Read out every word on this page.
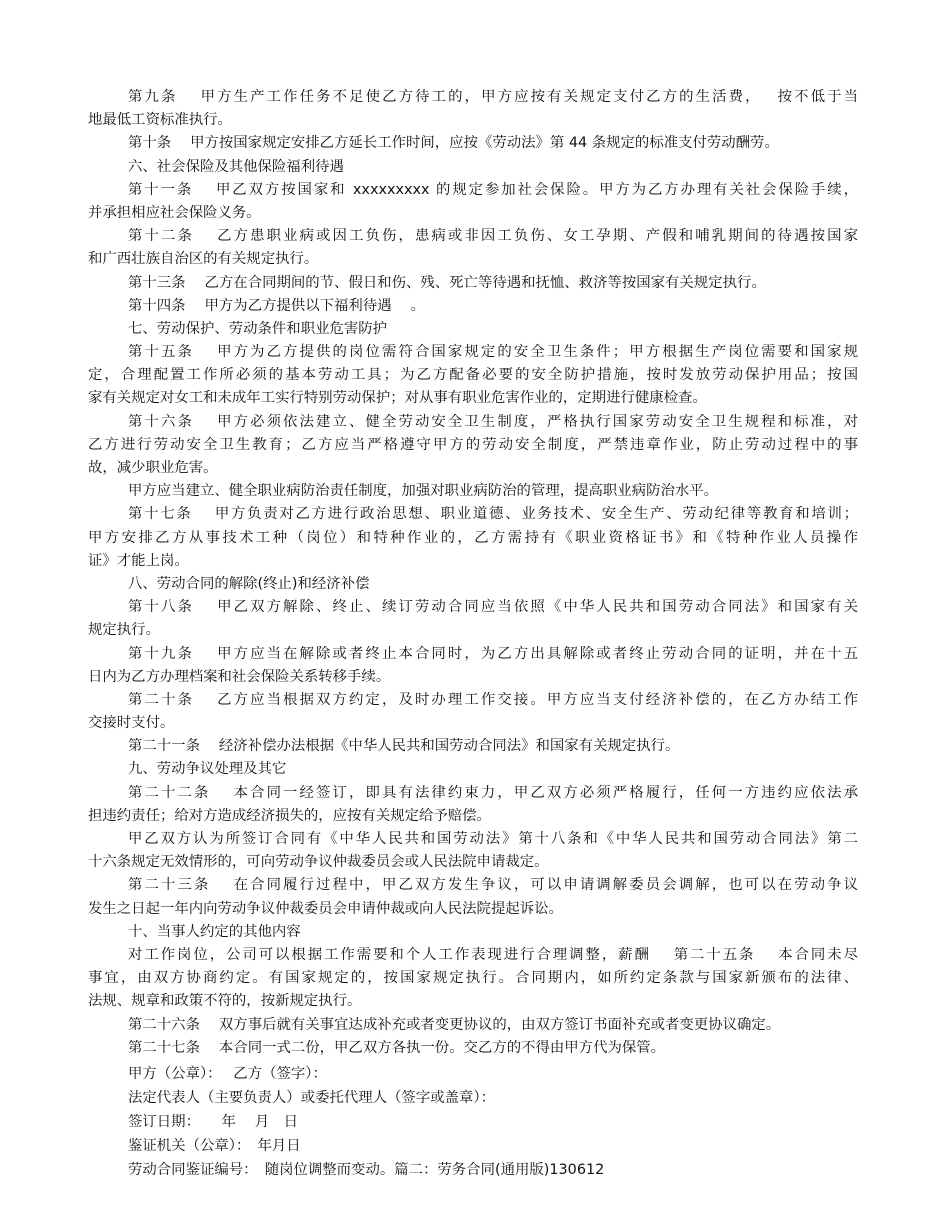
第九条　 甲方生产工作任务不足使乙方待工的，甲方应按有关规定支付乙方的生活费，　 按不低于当
地最低工资标准执行。
第十条　 甲方按国家规定安排乙方延长工作时间，应按《劳动法》第 44 条规定的标准支付劳动酬劳。
六、社会保险及其他保险福利待遇
第十一条　 甲乙双方按国家和 xxxxxxxxx 的规定参加社会保险。甲方为乙方办理有关社会保险手续，
并承担相应社会保险义务。
第十二条　 乙方患职业病或因工负伤，患病或非因工负伤、女工孕期、产假和哺乳期间的待遇按国家
和广西壮族自治区的有关规定执行。
第十三条　 乙方在合同期间的节、假日和伤、残、死亡等待遇和抚恤、救济等按国家有关规定执行。
第十四条　 甲方为乙方提供以下福利待遇　 。
七、劳动保护、劳动条件和职业危害防护
第十五条　 甲方为乙方提供的岗位需符合国家规定的安全卫生条件；甲方根据生产岗位需要和国家规
定，合理配置工作所必须的基本劳动工具；为乙方配备必要的安全防护措施，按时发放劳动保护用品；按国
家有关规定对女工和未成年工实行特别劳动保护；对从事有职业危害作业的，定期进行健康检查。
第十六条　 甲方必须依法建立、健全劳动安全卫生制度，严格执行国家劳动安全卫生规程和标准，对
乙方进行劳动安全卫生教育；乙方应当严格遵守甲方的劳动安全制度，严禁违章作业，防止劳动过程中的事
故，减少职业危害。
甲方应当建立、健全职业病防治责任制度，加强对职业病防治的管理，提高职业病防治水平。
第十七条　 甲方负责对乙方进行政治思想、职业道德、业务技术、安全生产、劳动纪律等教育和培训；
甲方安排乙方从事技术工种（岗位）和特种作业的，乙方需持有《职业资格证书》和《特种作业人员操作
证》才能上岗。
八、劳动合同的解除(终止)和经济补偿
第十八条　 甲乙双方解除、终止、续订劳动合同应当依照《中华人民共和国劳动合同法》和国家有关
规定执行。
第十九条　 甲方应当在解除或者终止本合同时，为乙方出具解除或者终止劳动合同的证明，并在十五
日内为乙方办理档案和社会保险关系转移手续。
第二十条　 乙方应当根据双方约定，及时办理工作交接。甲方应当支付经济补偿的，在乙方办结工作
交接时支付。
第二十一条　 经济补偿办法根据《中华人民共和国劳动合同法》和国家有关规定执行。
九、劳动争议处理及其它
第二十二条　 本合同一经签订，即具有法律约束力，甲乙双方必须严格履行，任何一方违约应依法承
担违约责任；给对方造成经济损失的，应按有关规定给予赔偿。
甲乙双方认为所签订合同有《中华人民共和国劳动法》第十八条和《中华人民共和国劳动合同法》第二
十六条规定无效情形的，可向劳动争议仲裁委员会或人民法院申请裁定。
第二十三条　 在合同履行过程中，甲乙双方发生争议，可以申请调解委员会调解，也可以在劳动争议
发生之日起一年内向劳动争议仲裁委员会申请仲裁或向人民法院提起诉讼。
十、当事人约定的其他内容
对工作岗位，公司可以根据工作需要和个人工作表现进行合理调整，薪酬　 第二十五条　 本合同未尽
事宜，由双方协商约定。有国家规定的，按国家规定执行。合同期内，如所约定条款与国家新颁布的法律、
法规、规章和政策不符的，按新规定执行。
第二十六条　 双方事后就有关事宜达成补充或者变更协议的，由双方签订书面补充或者变更协议确定。
第二十七条　 本合同一式二份，甲乙双方各执一份。交乙方的不得由甲方代为保管。
甲方（公章）：　 乙方（签字）：
法定代表人（主要负责人）或委托代理人（签字或盖章）：
签订日期：　　年　 月　日
鉴证机关（公章）：　年月日
劳动合同鉴证编号：　随岗位调整而变动。篇二：劳务合同(通用版)130612
